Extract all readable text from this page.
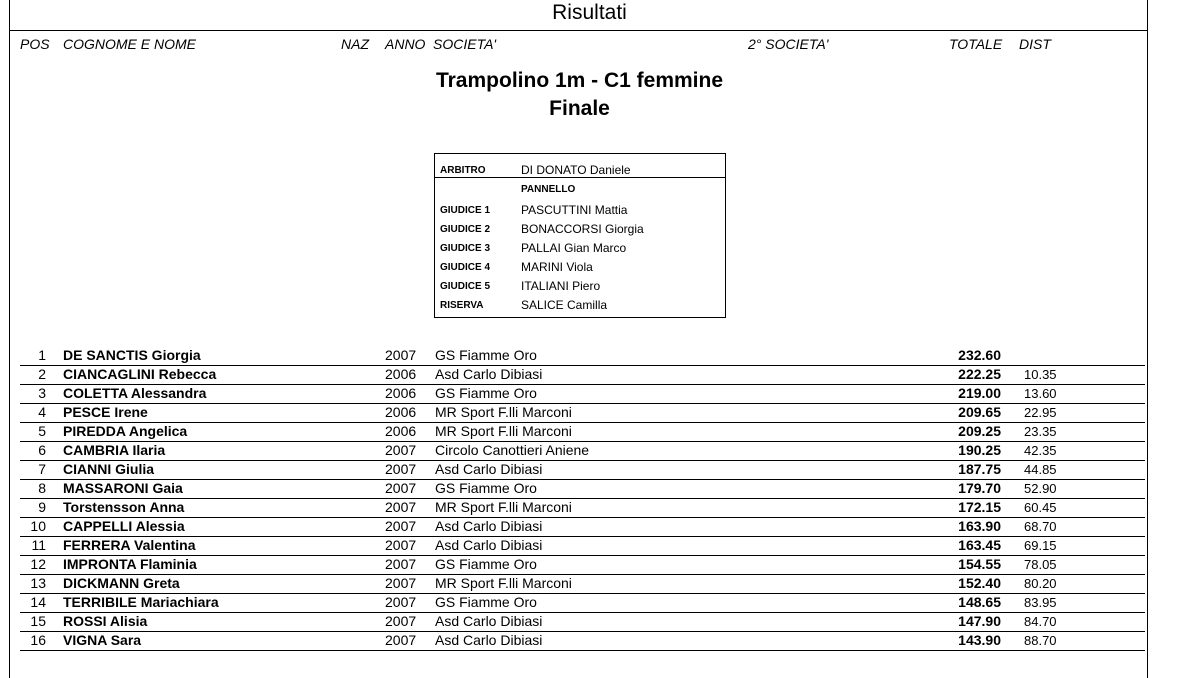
Risultati
POS COGNOME E NOME	NAZ ANNO SOCIETA'	2° SOCIETA'	TOTALE DIST
Trampolino 1m - C1 femmine
Finale
ARBITRO	DI DONATO Daniele
PANNELLO
GIUDICE 1	PASCUTTINI Mattia
GIUDICE 2	BONACCORSI Giorgia
GIUDICE 3	PALLAI Gian Marco
GIUDICE 4	MARINI Viola
GIUDICE 5	ITALIANI Piero
RISERVA	SALICE Camilla
1 DE SANCTIS Giorgia	2007 GS Fiamme Oro	232.60
2 CIANCAGLINI Rebecca	2006 Asd Carlo Dibiasi	222.25 10.35
3 COLETTA Alessandra	2006 GS Fiamme Oro	219.00 13.60
4 PESCE Irene	2006 MR Sport F.lli Marconi	209.65 22.95
5 PIREDDA Angelica	2006 MR Sport F.lli Marconi	209.25 23.35
6 CAMBRIA Ilaria	2007 Circolo Canottieri Aniene	190.25 42.35
7 CIANNI Giulia	2007 Asd Carlo Dibiasi	187.75 44.85
8 MASSARONI Gaia	2007 GS Fiamme Oro	179.70 52.90
9 Torstensson Anna	2007 MR Sport F.lli Marconi	172.15 60.45
10 CAPPELLI Alessia	2007 Asd Carlo Dibiasi	163.90 68.70
11 FERRERA Valentina	2007 Asd Carlo Dibiasi	163.45 69.15
12 IMPRONTA Flaminia	2007 GS Fiamme Oro	154.55 78.05
13 DICKMANN Greta	2007 MR Sport F.lli Marconi	152.40 80.20
14 TERRIBILE Mariachiara	2007 GS Fiamme Oro	148.65 83.95
15 ROSSI Alisia	2007 Asd Carlo Dibiasi	147.90 84.70
16 VIGNA Sara	2007 Asd Carlo Dibiasi	143.90 88.70
